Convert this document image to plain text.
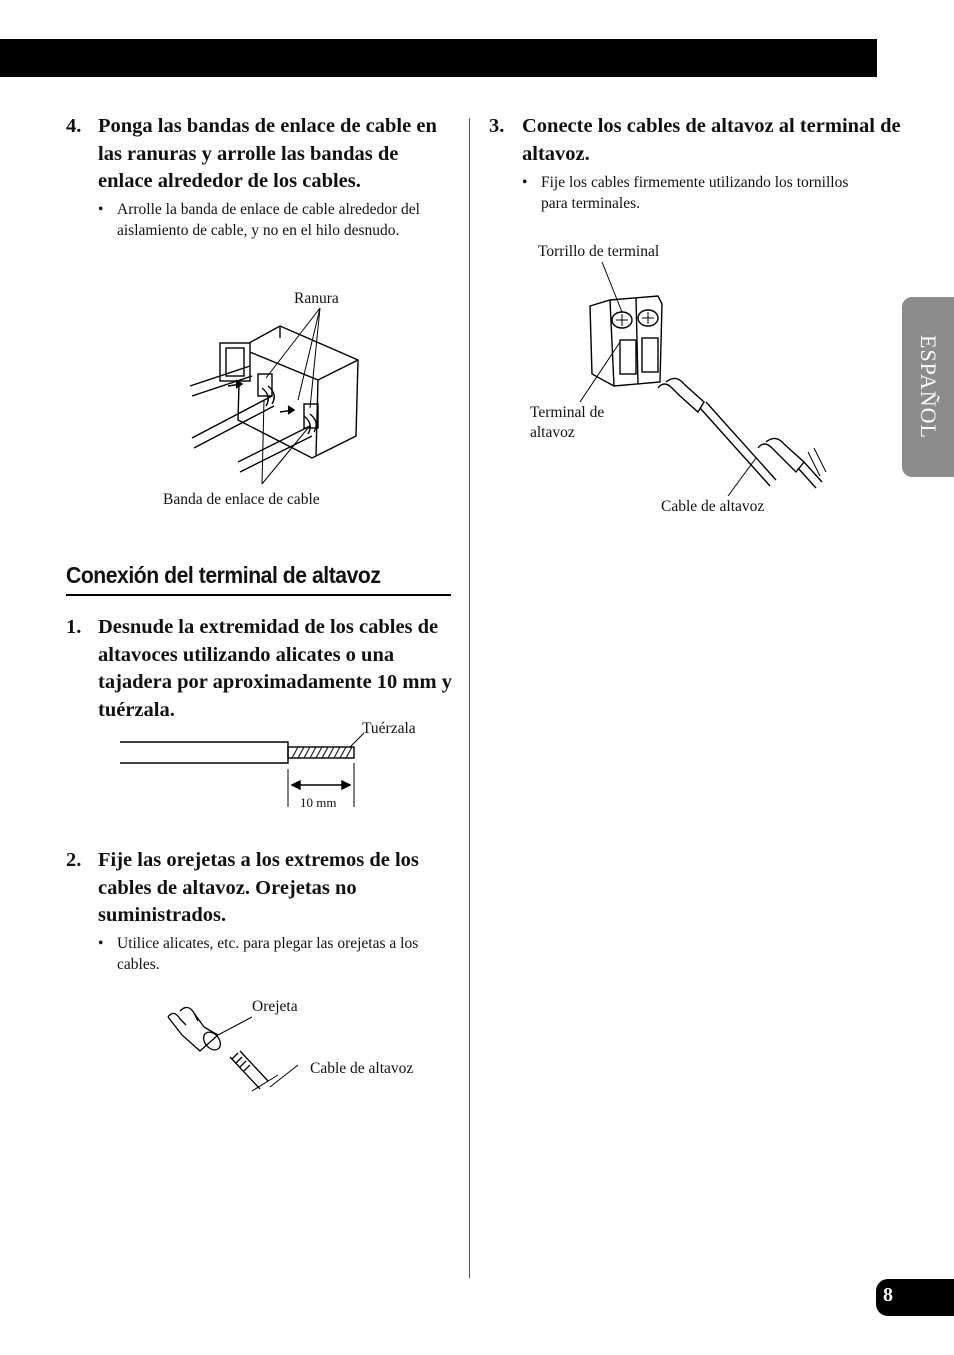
4. Ponga las bandas de enlace de cable en las ranuras y arrolle las bandas de enlace alrededor de los cables.
• Arrolle la banda de enlace de cable alrededor del aislamiento de cable, y no en el hilo desnudo.
Ranura
Banda de enlace de cable
Conexión del terminal de altavoz
1. Desnude la extremidad de los cables de altavoces utilizando alicates o una tajadera por aproximadamente 10 mm y tuérzala.
Tuérzala
10 mm
2. Fije las orejetas a los extremos de los cables de altavoz. Orejetas no suministrados.
• Utilice alicates, etc. para plegar las orejetas a los cables.
Orejeta
Cable de altavoz
3. Conecte los cables de altavoz al terminal de altavoz.
• Fije los cables firmemente utilizando los tornillos para terminales.
Torrillo de terminal
Terminal de altavoz
Cable de altavoz
ESPAÑOL
8
